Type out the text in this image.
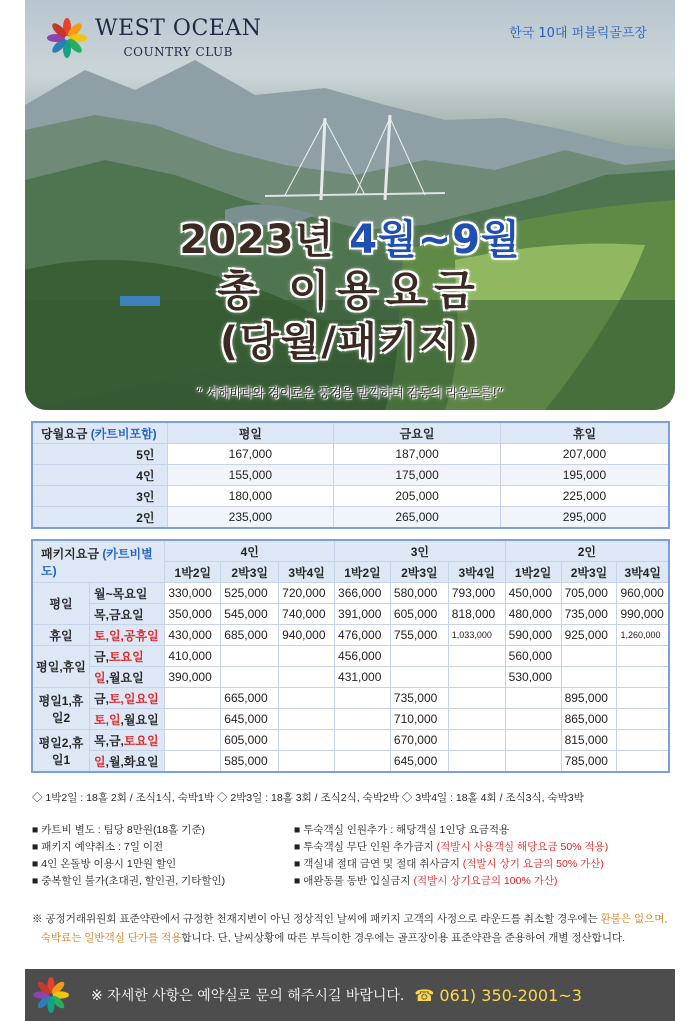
WEST OCEAN
COUNTRY CLUB
한국 10대 퍼블릭골프장
2023년 4월~9월
총 이용요금
(당월/패키지)
“ 서해바다와 경이로운 풍경을 만끽하며 감동의 라운드를!”
당월요금 (카트비포함)	평일	금요일	휴일
5인	167,000	187,000	207,000
4인	155,000	175,000	195,000
3인	180,000	205,000	225,000
2인	235,000	265,000	295,000
패키지요금 (카트비별도)		4인			3인			2인		
		1박2일	2박3일	3박4일	1박2일	2박3일	3박4일	1박2일	2박3일	3박4일
평일	월~목요일	330,000	525,000	720,000	366,000	580,000	793,000	450,000	705,000	960,000
	목,금요일	350,000	545,000	740,000	391,000	605,000	818,000	480,000	735,000	990,000
휴일	토,일,공휴일	430,000	685,000	940,000	476,000	755,000	1,033,000	590,000	925,000	1,260,000
평일,휴일	금,토요일	410,000			456,000			560,000		
	일,월요일	390,000			431,000			530,000		
평일1,휴일2	금,토,일요일		665,000			735,000			895,000	
	토,일,월요일		645,000			710,000			865,000	
평일2,휴일1	목,금,토요일		605,000			670,000			815,000	
	일,월,화요일		585,000			645,000			785,000	
◇ 1박2일 : 18홀 2회 / 조식1식, 숙박1박 ◇ 2박3일 : 18홀 3회 / 조식2식, 숙박2박 ◇ 3박4일 : 18홀 4회 / 조식3식, 숙박3박
■ 카트비 별도 : 팀당 8만원(18홀 기준)
■ 패키지 예약취소 : 7일 이전
■ 4인 온돌방 이용시 1만원 할인
■ 중복할인 불가(초대권, 할인권, 기타할인)
■ 투숙객실 인원추가 : 해당객실 1인당 요금적용
■ 투숙객실 무단 인원 추가금지 (적발시 사용객실 해당요금 50% 적용)
■ 객실내 절대 금연 및 절대 취사금지 (적발시 상기 요금의 50% 가산)
■ 애완동물 동반 입실금지 (적발시 상기요금의 100% 가산)
※ 공정거래위원회 표준약관에서 규정한 천재지변이 아닌 정상적인 날씨에 패키지 고객의 사정으로 라운드를 취소할 경우에는 환불은 없으며,
숙박료는 일반객실 단가를 적용합니다. 단, 날씨상황에 따른 부득이한 경우에는 골프장이용 표준약관을 준용하여 개별 정산합니다.
※ 자세한 사항은 예약실로 문의 해주시길 바랍니다. ☎ 061) 350-2001~3
